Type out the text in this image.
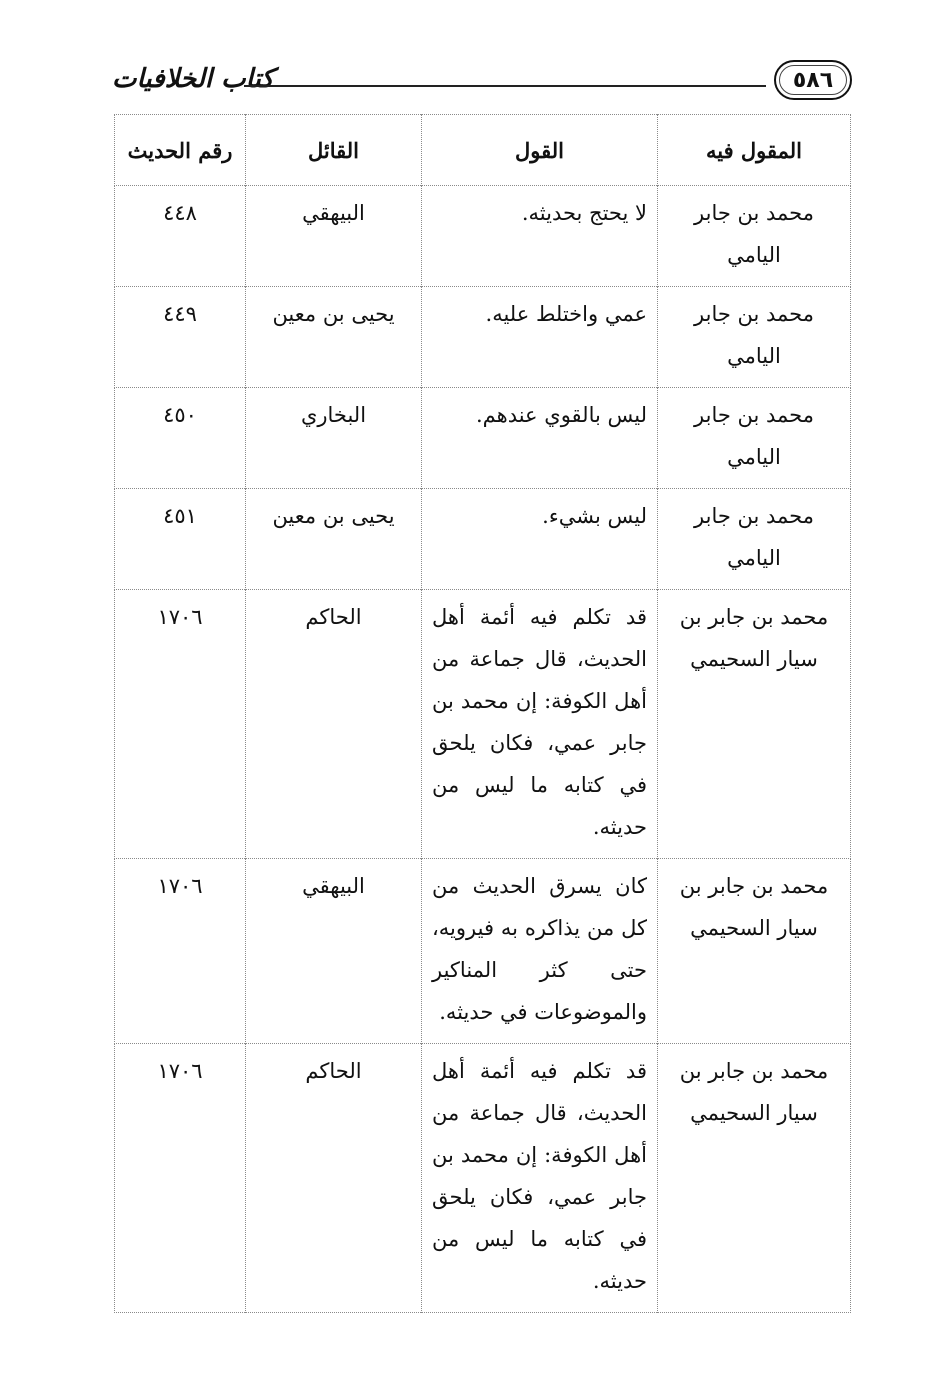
كتاب الخلافيات	٥٨٦
المقول فيه	القول	القائل	رقم الحديث
محمد بن جابر اليامي	لا يحتج بحديثه.	البيهقي	٤٤٨
محمد بن جابر اليامي	عمي واختلط عليه.	يحيى بن معين	٤٤٩
محمد بن جابر اليامي	ليس بالقوي عندهم.	البخاري	٤٥٠
محمد بن جابر اليامي	ليس بشيء.	يحيى بن معين	٤٥١
محمد بن جابر بن سيار السحيمي	قد تكلم فيه أئمة أهل الحديث، قال جماعة من أهل الكوفة: إن محمد بن جابر عمي، فكان يلحق في كتابه ما ليس من حديثه.	الحاكم	١٧٠٦
محمد بن جابر بن سيار السحيمي	كان يسرق الحديث من كل من يذاكره به فيرويه، حتى كثر المناكير والموضوعات في حديثه.	البيهقي	١٧٠٦
محمد بن جابر بن سيار السحيمي	قد تكلم فيه أئمة أهل الحديث، قال جماعة من أهل الكوفة: إن محمد بن جابر عمي، فكان يلحق في كتابه ما ليس من حديثه.	الحاكم	١٧٠٦
